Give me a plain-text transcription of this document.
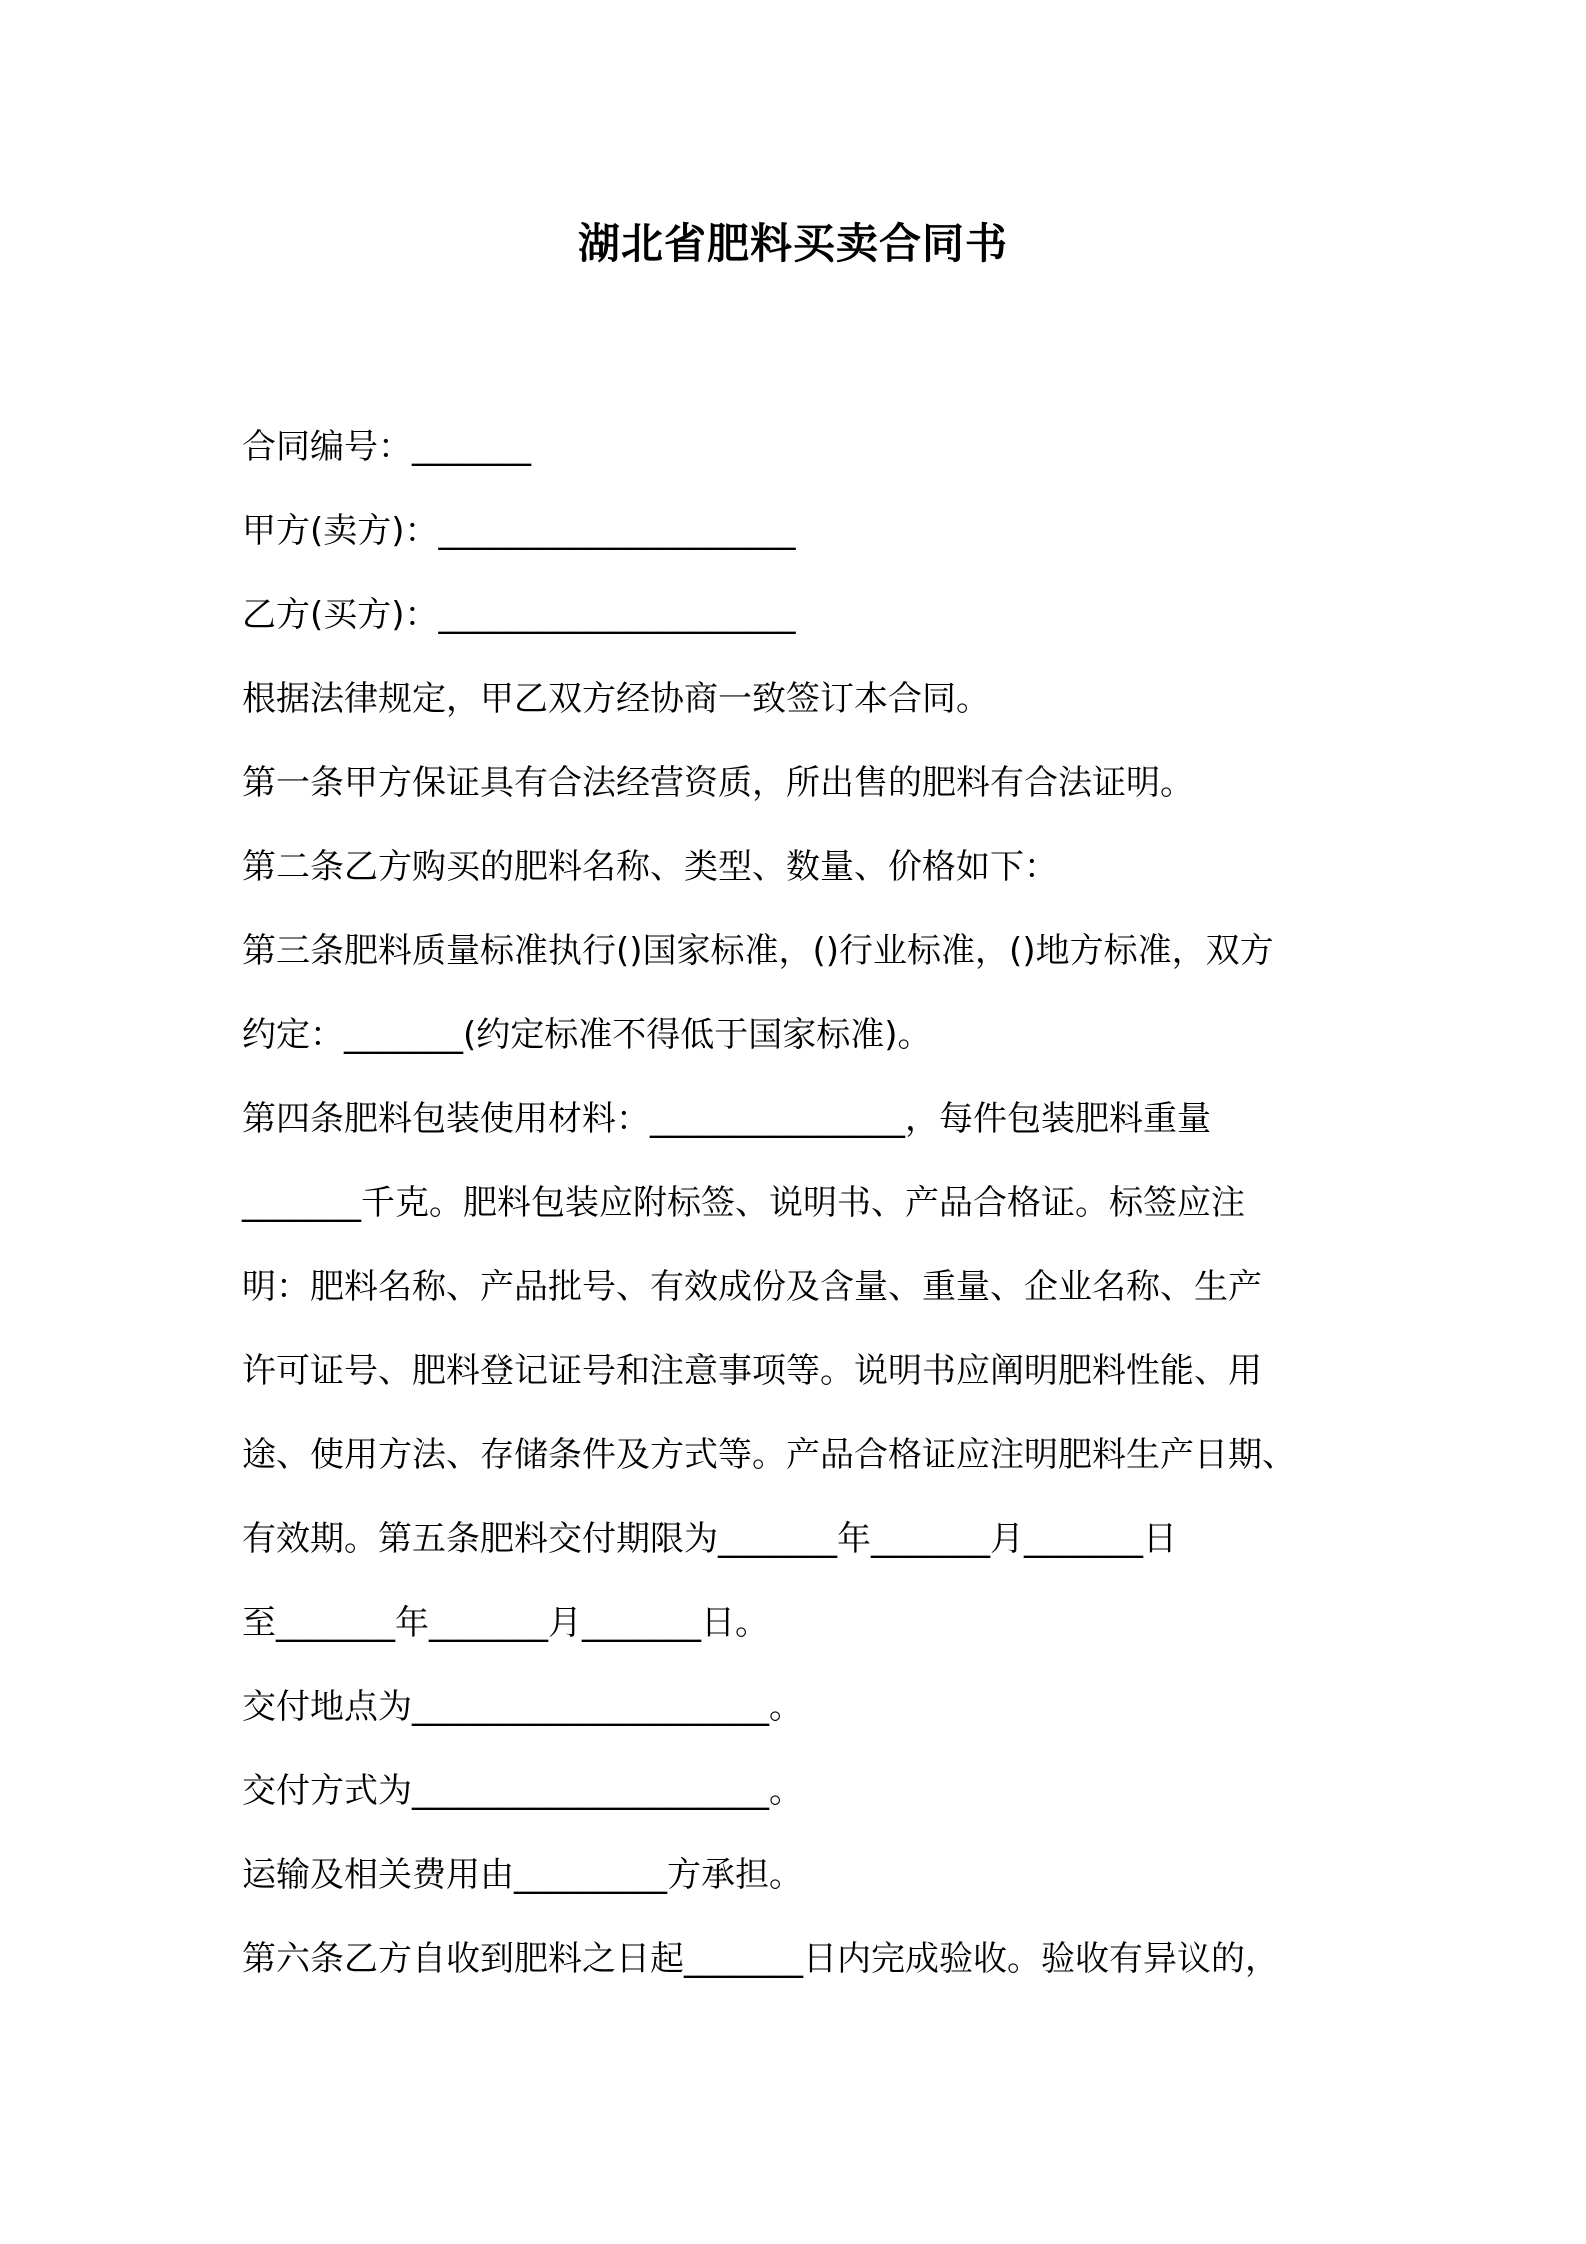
湖北省肥料买卖合同书
合同编号：_______
甲方(卖方)：_____________________
乙方(买方)：_____________________
根据法律规定，甲乙双方经协商一致签订本合同。
第一条甲方保证具有合法经营资质，所出售的肥料有合法证明。
第二条乙方购买的肥料名称、类型、数量、价格如下：
第三条肥料质量标准执行()国家标准，()行业标准，()地方标准，双方
约定：_______(约定标准不得低于国家标准)。
第四条肥料包装使用材料：_______________，每件包装肥料重量
_______千克。肥料包装应附标签、说明书、产品合格证。标签应注
明：肥料名称、产品批号、有效成份及含量、重量、企业名称、生产
许可证号、肥料登记证号和注意事项等。说明书应阐明肥料性能、用
途、使用方法、存储条件及方式等。产品合格证应注明肥料生产日期、
有效期。第五条肥料交付期限为_______年_______月_______日
至_______年_______月_______日。
交付地点为_____________________。
交付方式为_____________________。
运输及相关费用由_________方承担。
第六条乙方自收到肥料之日起_______日内完成验收。验收有异议的，
